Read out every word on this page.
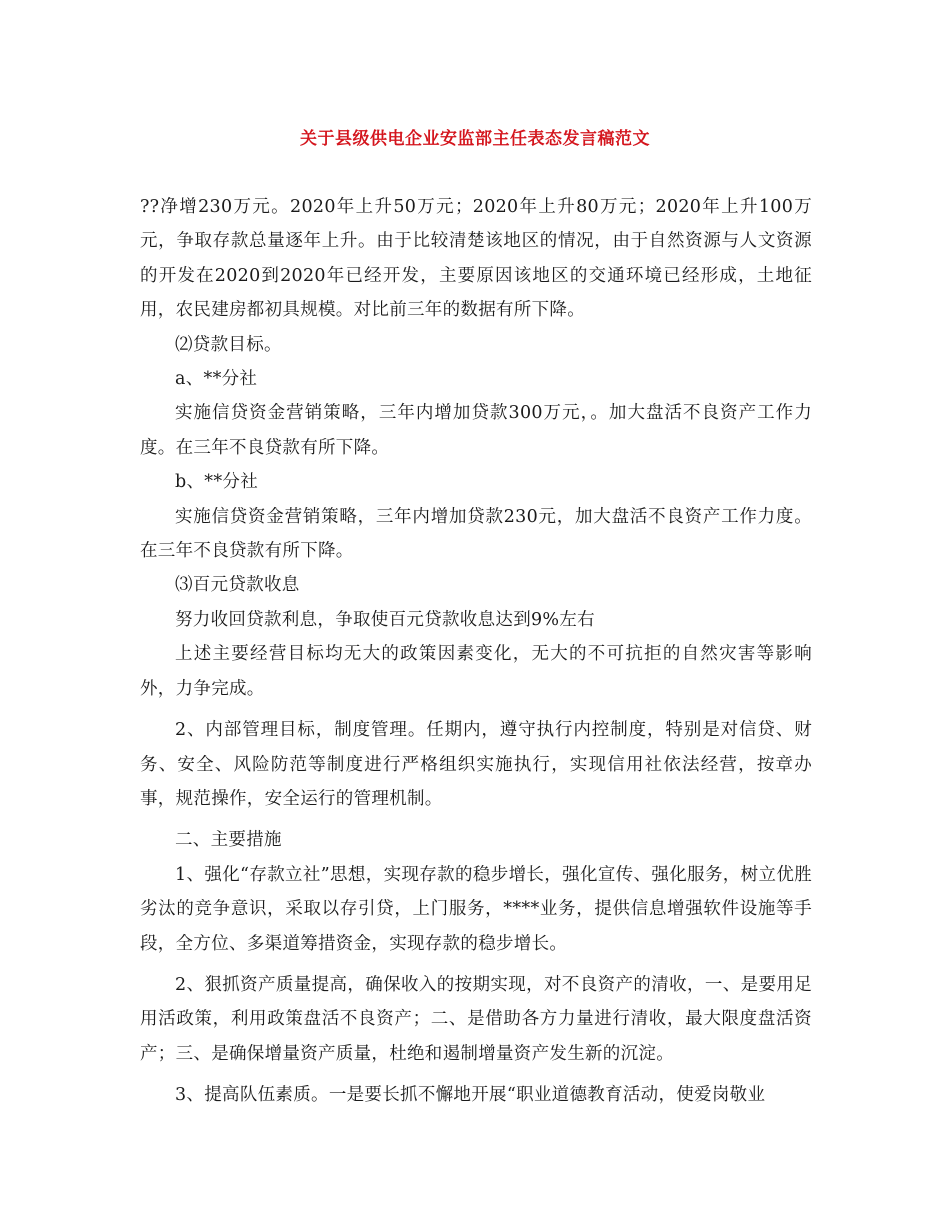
关于县级供电企业安监部主任表态发言稿范文

??净增230万元。2020年上升50万元；2020年上升80万元；2020年上升100万元，争取存款总量逐年上升。由于比较清楚该地区的情况，由于自然资源与人文资源的开发在2020到2020年已经开发，主要原因该地区的交通环境已经形成，土地征用，农民建房都初具规模。对比前三年的数据有所下降。

⑵贷款目标。

a、**分社

实施信贷资金营销策略，三年内增加贷款300万元，。加大盘活不良资产工作力度。在三年不良贷款有所下降。

b、**分社

实施信贷资金营销策略，三年内增加贷款230元，加大盘活不良资产工作力度。在三年不良贷款有所下降。

⑶百元贷款收息

努力收回贷款利息，争取使百元贷款收息达到9%左右

上述主要经营目标均无大的政策因素变化，无大的不可抗拒的自然灾害等影响外，力争完成。

2、内部管理目标，制度管理。任期内，遵守执行内控制度，特别是对信贷、财务、安全、风险防范等制度进行严格组织实施执行，实现信用社依法经营，按章办事，规范操作，安全运行的管理机制。

二、主要措施

1、强化“存款立社”思想，实现存款的稳步增长，强化宣传、强化服务，树立优胜劣汰的竞争意识，采取以存引贷，上门服务，****业务，提供信息增强软件设施等手段，全方位、多渠道筹措资金，实现存款的稳步增长。

2、狠抓资产质量提高，确保收入的按期实现，对不良资产的清收，一、是要用足用活政策，利用政策盘活不良资产；二、是借助各方力量进行清收，最大限度盘活资产；三、是确保增量资产质量，杜绝和遏制增量资产发生新的沉淀。

3、提高队伍素质。一是要长抓不懈地开展“职业道德教育活动，使爱岗敬业
